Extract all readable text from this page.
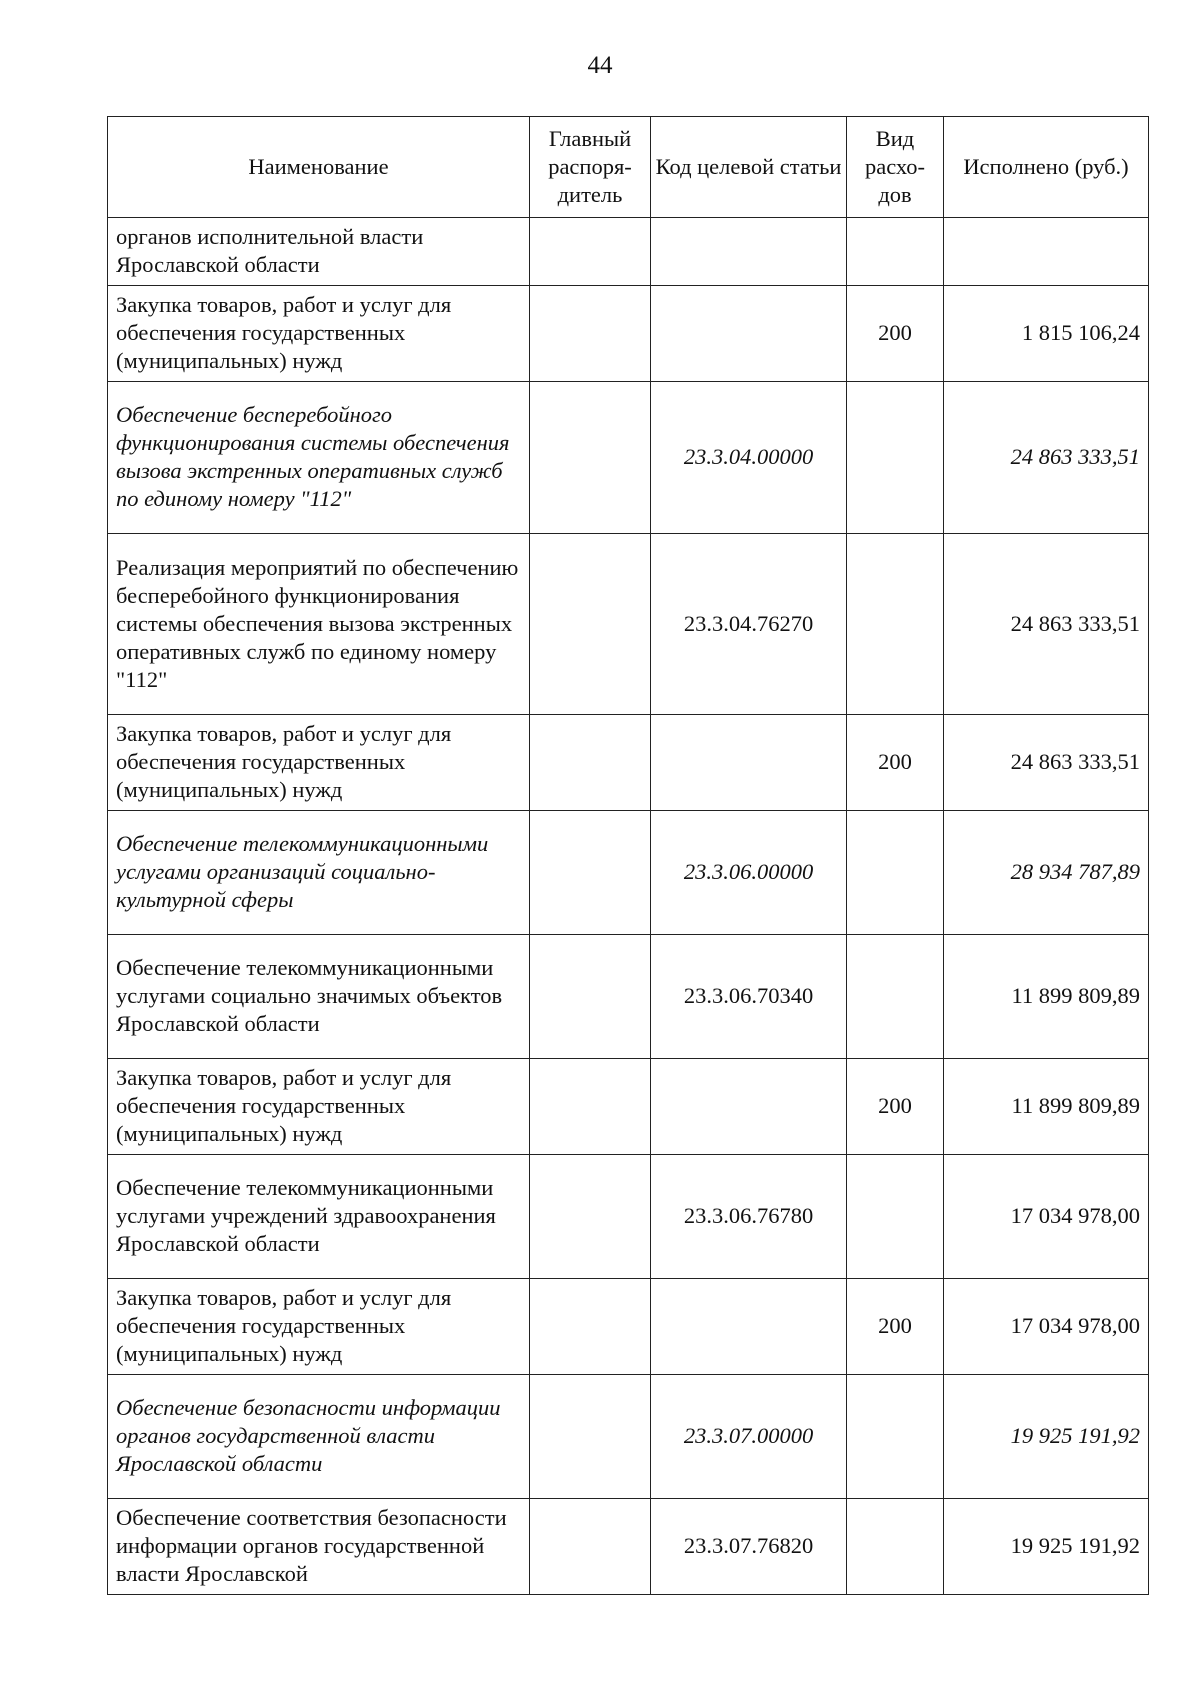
44
Наименование	Главный распоря-дитель	Код целевой статьи	Вид расхо-дов	Исполнено (руб.)
органов исполнительной власти Ярославской области				
Закупка товаров, работ и услуг для обеспечения государственных (муниципальных) нужд			200	1 815 106,24
Обеспечение бесперебойного функционирования системы обеспечения вызова экстренных оперативных служб по единому номеру "112"		23.3.04.00000		24 863 333,51
Реализация мероприятий по обеспечению бесперебойного функционирования системы обеспечения вызова экстренных оперативных служб по единому номеру "112"		23.3.04.76270		24 863 333,51
Закупка товаров, работ и услуг для обеспечения государственных (муниципальных) нужд			200	24 863 333,51
Обеспечение телекоммуникационными услугами организаций социально-культурной сферы		23.3.06.00000		28 934 787,89
Обеспечение телекоммуникационными услугами социально значимых объектов Ярославской области		23.3.06.70340		11 899 809,89
Закупка товаров, работ и услуг для обеспечения государственных (муниципальных) нужд			200	11 899 809,89
Обеспечение телекоммуникационными услугами учреждений здравоохранения Ярославской области		23.3.06.76780		17 034 978,00
Закупка товаров, работ и услуг для обеспечения государственных (муниципальных) нужд			200	17 034 978,00
Обеспечение безопасности информации органов государственной власти Ярославской области		23.3.07.00000		19 925 191,92
Обеспечение соответствия безопасности информации органов государственной власти Ярославской		23.3.07.76820		19 925 191,92
